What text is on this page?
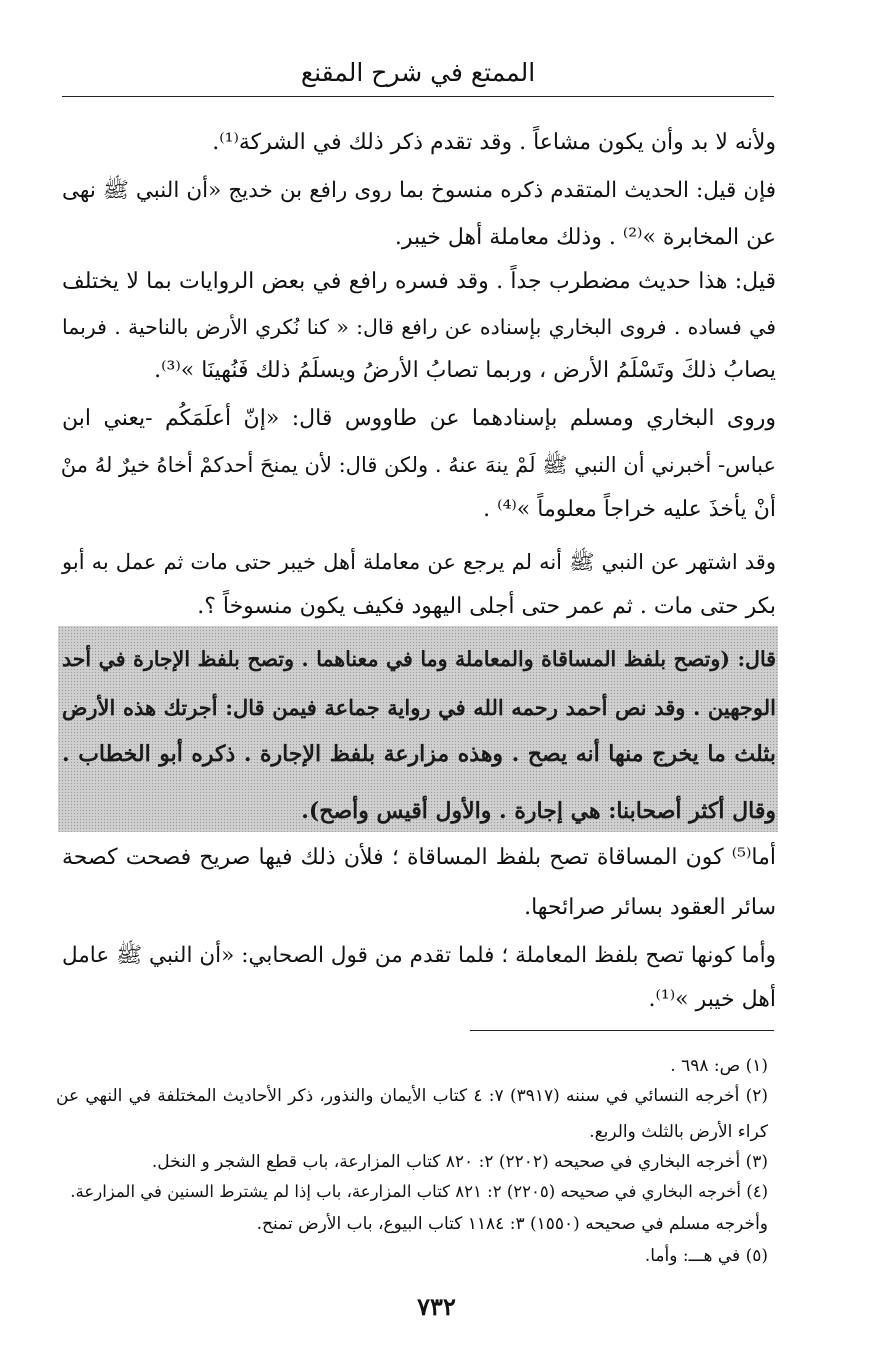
الممتع في شرح المقنع
ولأنه لا بد وأن يكون مشاعاً . وقد تقدم ذكر ذلك في الشركة⁽¹⁾.
فإن قيل: الحديث المتقدم ذكره منسوخ بما روى رافع بن خديج «أن النبي ﷺ نهى
عن المخابرة »⁽²⁾ . وذلك معاملة أهل خيبر.
قيل: هذا حديث مضطرب جداً . وقد فسره رافع في بعض الروايات بما لا يختلف
في فساده . فروى البخاري بإسناده عن رافع قال: « كنا نُكري الأرض بالناحية . فربما
يصابُ ذلكَ وتَسْلَمُ الأرض ، وربما تصابُ الأرضُ ويسلَمُ ذلك فَنُهينَا »⁽³⁾.
وروى البخاري ومسلم بإسنادهما عن طاووس قال: «إنّ أعلَمَكُم -يعني ابن
عباس- أخبرني أن النبي ﷺ لَمْ ينهَ عنهُ . ولكن قال: لأن يمنحَ أحدكمْ أخاهُ خيرٌ لهُ منْ
أنْ يأخذَ عليه خراجاً معلوماً »⁽⁴⁾ .
وقد اشتهر عن النبي ﷺ أنه لم يرجع عن معاملة أهل خيبر حتى مات ثم عمل به أبو
بكر حتى مات . ثم عمر حتى أجلى اليهود فكيف يكون منسوخاً ؟.
قال: (وتصح بلفظ المساقاة والمعاملة وما في معناهما . وتصح بلفظ الإجارة في أحد
الوجهين . وقد نص أحمد رحمه الله في رواية جماعة فيمن قال: أجرتك هذه الأرض
بثلث ما يخرج منها أنه يصح . وهذه مزارعة بلفظ الإجارة . ذكره أبو الخطاب .
وقال أكثر أصحابنا: هي إجارة . والأول أقيس وأصح).
أما⁽⁵⁾ كون المساقاة تصح بلفظ المساقاة ؛ فلأن ذلك فيها صريح فصحت كصحة
سائر العقود بسائر صرائحها.
وأما كونها تصح بلفظ المعاملة ؛ فلما تقدم من قول الصحابي: «أن النبي ﷺ عامل
أهل خيبر »⁽¹⁾.
(١) ص: ٦٩٨ .
(٢) أخرجه النسائي في سننه (٣٩١٧) ٧: ٤ كتاب الأيمان والنذور، ذكر الأحاديث المختلفة في النهي عن
كراء الأرض بالثلث والربع.
(٣) أخرجه البخاري في صحيحه (٢٢٠٢) ٢: ٨٢٠ كتاب المزارعة، باب قطع الشجر و النخل.
(٤) أخرجه البخاري في صحيحه (٢٢٠٥) ٢: ٨٢١ كتاب المزارعة، باب إذا لم يشترط السنين في المزارعة.
وأخرجه مسلم في صحيحه (١٥٥٠) ٣: ١١٨٤ كتاب البيوع، باب الأرض تمنح.
(٥) في هـــ: وأما.
٧٣٢
